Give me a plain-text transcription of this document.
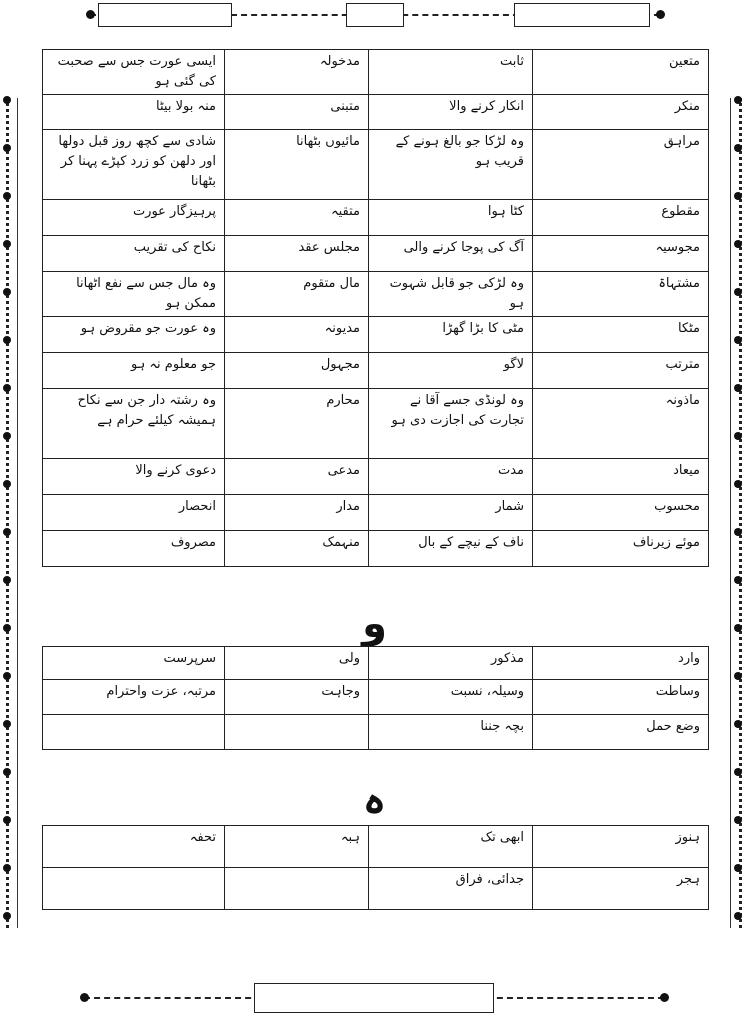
متعین	ثابت	مدخولہ	ایسی عورت جس سے صحبت کی گئی ہو
منکر	انکار کرنے والا	متبنی	منہ بولا بیٹا
مراہق	وہ لڑکا جو بالغ ہونے کے قریب ہو	مائیوں بٹھانا	شادی سے کچھ روز قبل دولھا اور دلھن کو زرد کپڑے پہنا کر بٹھانا
مقطوع	کٹا ہوا	متقیہ	پرہیزگار عورت
مجوسیہ	آگ کی پوجا کرنے والی	مجلس عقد	نکاح کی تقریب
مشتہاۃ	وہ لڑکی جو قابل شہوت ہو	مال متقوم	وہ مال جس سے نفع اٹھانا ممکن ہو
مٹکا	مٹی کا بڑا گھڑا	مدیونہ	وہ عورت جو مقروض ہو
مترتب	لاگو	مجہول	جو معلوم نہ ہو
ماذونہ	وہ لونڈی جسے آقا نے تجارت کی اجازت دی ہو	محارم	وہ رشتہ دار جن سے نکاح ہمیشہ کیلئے حرام ہے
میعاد	مدت	مدعی	دعوی کرنے والا
محسوب	شمار	مدار	انحصار
موئے زیرناف	ناف کے نیچے کے بال	منہمک	مصروف
و
وارد	مذکور	ولی	سرپرست
وساطت	وسیلہ، نسبت	وجاہت	مرتبہ، عزت واحترام
وضع حمل	بچہ جننا		
ہ
ہنوز	ابھی تک	ہبہ	تحفہ
ہجر	جدائی، فراق		
